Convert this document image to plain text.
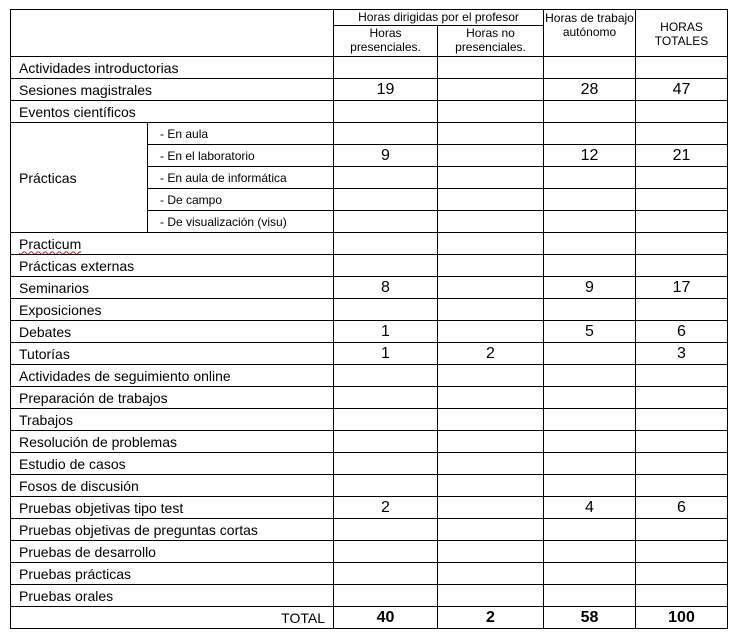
		Horas dirigidas por el profesor		Horas de trabajo autónomo	HORAS TOTALES
		Horas presenciales.	Horas no presenciales.		
Actividades introductorias					
Sesiones magistrales		19		28	47
Eventos científicos					
Prácticas	- En aula				
	- En el laboratorio	9		12	21
	- En aula de informática				
	- De campo				
	- De visualización (visu)				
Practicum					
Prácticas externas					
Seminarios		8		9	17
Exposiciones					
Debates		1		5	6
Tutorías		1	2		3
Actividades de seguimiento online					
Preparación de trabajos					
Trabajos					
Resolución de problemas					
Estudio de casos					
Fosos de discusión					
Pruebas objetivas tipo test		2		4	6
Pruebas objetivas de preguntas cortas					
Pruebas de desarrollo					
Pruebas prácticas					
Pruebas orales					
TOTAL		40	2	58	100
